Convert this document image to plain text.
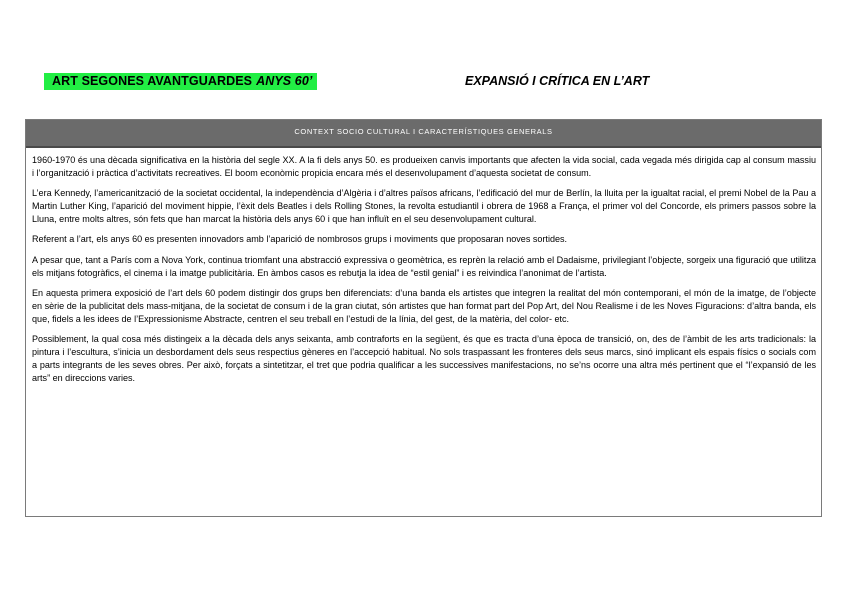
ART SEGONES AVANTGUARDES ANYS 60’	EXPANSIÓ I CRÍTICA EN L’ART
CONTEXT SOCIO CULTURAL I CARACTERÍSTIQUES GENERALS

1960-1970 és una dècada significativa en la història del segle XX. A la fi dels anys 50. es produeixen canvis importants que afecten la vida social, cada vegada més dirigida cap al consum massiu i l’organització i pràctica d’activitats recreatives. El boom econòmic propicia encara més el desenvolupament d’aquesta societat de consum.

L’era Kennedy, l’americanització de la societat occidental, la independència d’Algèria i d’altres països africans, l’edificació del mur de Berlín, la lluita per la igualtat racial, el premi Nobel de la Pau a Martin Luther King, l’aparició del moviment hippie, l’èxit dels Beatles i dels Rolling Stones, la revolta estudiantil i obrera de 1968 a França, el primer vol del Concorde, els primers passos sobre la Lluna, entre molts altres, són fets que han marcat la història dels anys 60 i que han influït en el seu desenvolupament cultural.

Referent a l’art, els anys 60 es presenten innovadors amb l’aparició de nombrosos grups i moviments que proposaran noves sortides.

A pesar que, tant a París com a Nova York, continua triomfant una abstracció expressiva o geomètrica, es reprèn la relació amb el Dadaisme, privilegiant l’objecte, sorgeix una figuració que utilitza els mitjans fotogràfics, el cinema i la imatge publicitària. En àmbos casos es rebutja la idea de “estil genial” i es reivindica l’anonimat de l’artista.

En aquesta primera exposició de l’art dels 60 podem distingir dos grups ben diferenciats: d’una banda els artistes que integren la realitat del món contemporani, el món de la imatge, de l’objecte en sèrie de la publicitat dels mass-mitjana, de la societat de consum i de la gran ciutat, són artistes que han format part del Pop Art, del Nou Realisme i de les Noves Figuracions: d’altra banda, els que, fidels a les idees de l’Expressionisme Abstracte, centren el seu treball en l’estudi de la línia, del gest, de la matèria, del color- etc.

Possiblement, la qual cosa més distingeix a la dècada dels anys seixanta, amb contraforts en la següent, és que es tracta d’una època de transició, on, des de l’àmbit de les arts tradicionals: la pintura i l’escultura, s’inicia un desbordament dels seus respectius gèneres en l’accepció habitual. No sols traspassant les fronteres dels seus marcs, sinó implicant els espais físics o socials com a parts integrants de les seves obres. Per això, forçats a sintetitzar, el tret que podria qualificar a les successives manifestacions, no se’ns ocorre una altra més pertinent que el “l’expansió de les arts” en direccions varies.
